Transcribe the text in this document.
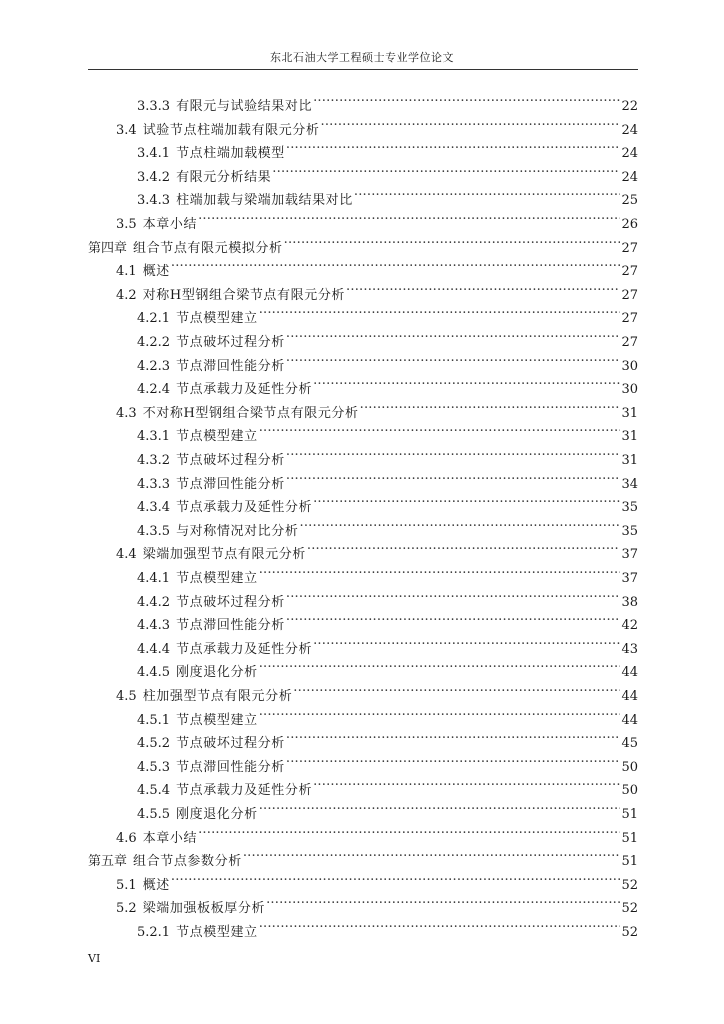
东北石油大学工程硕士专业学位论文
3.3.3 有限元与试验结果对比 .....	22
3.4 试验节点柱端加载有限元分析 .....	24
3.4.1 节点柱端加载模型 .....	24
3.4.2 有限元分析结果 .....	24
3.4.3 柱端加载与梁端加载结果对比 .....	25
3.5 本章小结 .....	26
第四章 组合节点有限元模拟分析 .....	27
4.1 概述 .....	27
4.2 对称H型钢组合梁节点有限元分析 .....	27
4.2.1 节点模型建立 .....	27
4.2.2 节点破坏过程分析 .....	27
4.2.3 节点滞回性能分析 .....	30
4.2.4 节点承载力及延性分析 .....	30
4.3 不对称H型钢组合梁节点有限元分析 .....	31
4.3.1 节点模型建立 .....	31
4.3.2 节点破坏过程分析 .....	31
4.3.3 节点滞回性能分析 .....	34
4.3.4 节点承载力及延性分析 .....	35
4.3.5 与对称情况对比分析 .....	35
4.4 梁端加强型节点有限元分析 .....	37
4.4.1 节点模型建立 .....	37
4.4.2 节点破坏过程分析 .....	38
4.4.3 节点滞回性能分析 .....	42
4.4.4 节点承载力及延性分析 .....	43
4.4.5 刚度退化分析 .....	44
4.5 柱加强型节点有限元分析 .....	44
4.5.1 节点模型建立 .....	44
4.5.2 节点破坏过程分析 .....	45
4.5.3 节点滞回性能分析 .....	50
4.5.4 节点承载力及延性分析 .....	50
4.5.5 刚度退化分析 .....	51
4.6 本章小结 .....	51
第五章 组合节点参数分析 .....	51
5.1 概述 .....	52
5.2 梁端加强板板厚分析 .....	52
5.2.1 节点模型建立 .....	52
VI
